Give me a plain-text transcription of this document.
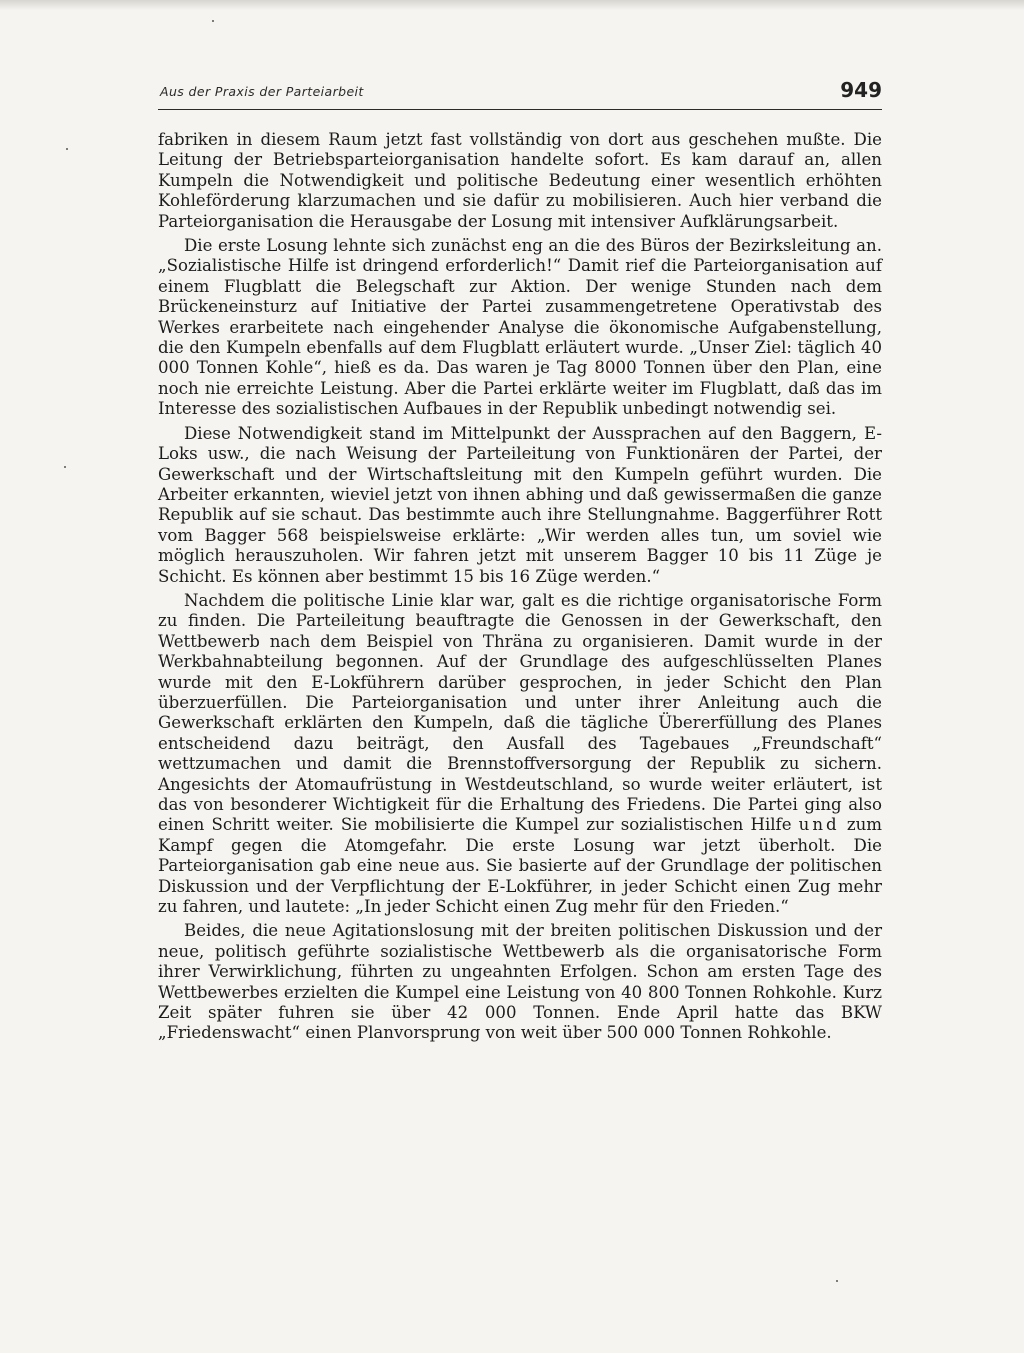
Aus der Praxis der Parteiarbeit	949

fabriken in diesem Raum jetzt fast vollständig von dort aus geschehen mußte. Die Leitung der Betriebsparteiorganisation handelte sofort. Es kam darauf an, allen Kumpeln die Notwendigkeit und politische Bedeutung einer wesentlich erhöhten Kohleförderung klarzumachen und sie dafür zu mobilisieren. Auch hier verband die Parteiorganisation die Herausgabe der Losung mit intensiver Aufklärungsarbeit.

Die erste Losung lehnte sich zunächst eng an die des Büros der Bezirksleitung an. „Sozialistische Hilfe ist dringend erforderlich!“ Damit rief die Parteiorganisation auf einem Flugblatt die Belegschaft zur Aktion. Der wenige Stunden nach dem Brückeneinsturz auf Initiative der Partei zusammengetretene Operativstab des Werkes erarbeitete nach eingehender Analyse die ökonomische Aufgabenstellung, die den Kumpeln ebenfalls auf dem Flugblatt erläutert wurde. „Unser Ziel: täglich 40 000 Tonnen Kohle“, hieß es da. Das waren je Tag 8000 Tonnen über den Plan, eine noch nie erreichte Leistung. Aber die Partei erklärte weiter im Flugblatt, daß das im Interesse des sozialistischen Aufbaues in der Republik unbedingt notwendig sei.

Diese Notwendigkeit stand im Mittelpunkt der Aussprachen auf den Baggern, E-Loks usw., die nach Weisung der Parteileitung von Funktionären der Partei, der Gewerkschaft und der Wirtschaftsleitung mit den Kumpeln geführt wurden. Die Arbeiter erkannten, wieviel jetzt von ihnen abhing und daß gewissermaßen die ganze Republik auf sie schaut. Das bestimmte auch ihre Stellungnahme. Baggerführer Rott vom Bagger 568 beispielsweise erklärte: „Wir werden alles tun, um soviel wie möglich herauszuholen. Wir fahren jetzt mit unserem Bagger 10 bis 11 Züge je Schicht. Es können aber bestimmt 15 bis 16 Züge werden.“

Nachdem die politische Linie klar war, galt es die richtige organisatorische Form zu finden. Die Parteileitung beauftragte die Genossen in der Gewerkschaft, den Wettbewerb nach dem Beispiel von Thräna zu organisieren. Damit wurde in der Werkbahnabteilung begonnen. Auf der Grundlage des aufgeschlüsselten Planes wurde mit den E-Lokführern darüber gesprochen, in jeder Schicht den Plan überzuerfüllen. Die Parteiorganisation und unter ihrer Anleitung auch die Gewerkschaft erklärten den Kumpeln, daß die tägliche Übererfüllung des Planes entscheidend dazu beiträgt, den Ausfall des Tagebaues „Freundschaft“ wettzumachen und damit die Brennstoffversorgung der Republik zu sichern. Angesichts der Atomaufrüstung in Westdeutschland, so wurde weiter erläutert, ist das von besonderer Wichtigkeit für die Erhaltung des Friedens. Die Partei ging also einen Schritt weiter. Sie mobilisierte die Kumpel zur sozialistischen Hilfe und zum Kampf gegen die Atomgefahr. Die erste Losung war jetzt überholt. Die Parteiorganisation gab eine neue aus. Sie basierte auf der Grundlage der politischen Diskussion und der Verpflichtung der E-Lokführer, in jeder Schicht einen Zug mehr zu fahren, und lautete: „In jeder Schicht einen Zug mehr für den Frieden.“

Beides, die neue Agitationslosung mit der breiten politischen Diskussion und der neue, politisch geführte sozialistische Wettbewerb als die organisatorische Form ihrer Verwirklichung, führten zu ungeahnten Erfolgen. Schon am ersten Tage des Wettbewerbes erzielten die Kumpel eine Leistung von 40 800 Tonnen Rohkohle. Kurz Zeit später fuhren sie über 42 000 Tonnen. Ende April hatte das BKW „Friedenswacht“ einen Planvorsprung von weit über 500 000 Tonnen Rohkohle.
